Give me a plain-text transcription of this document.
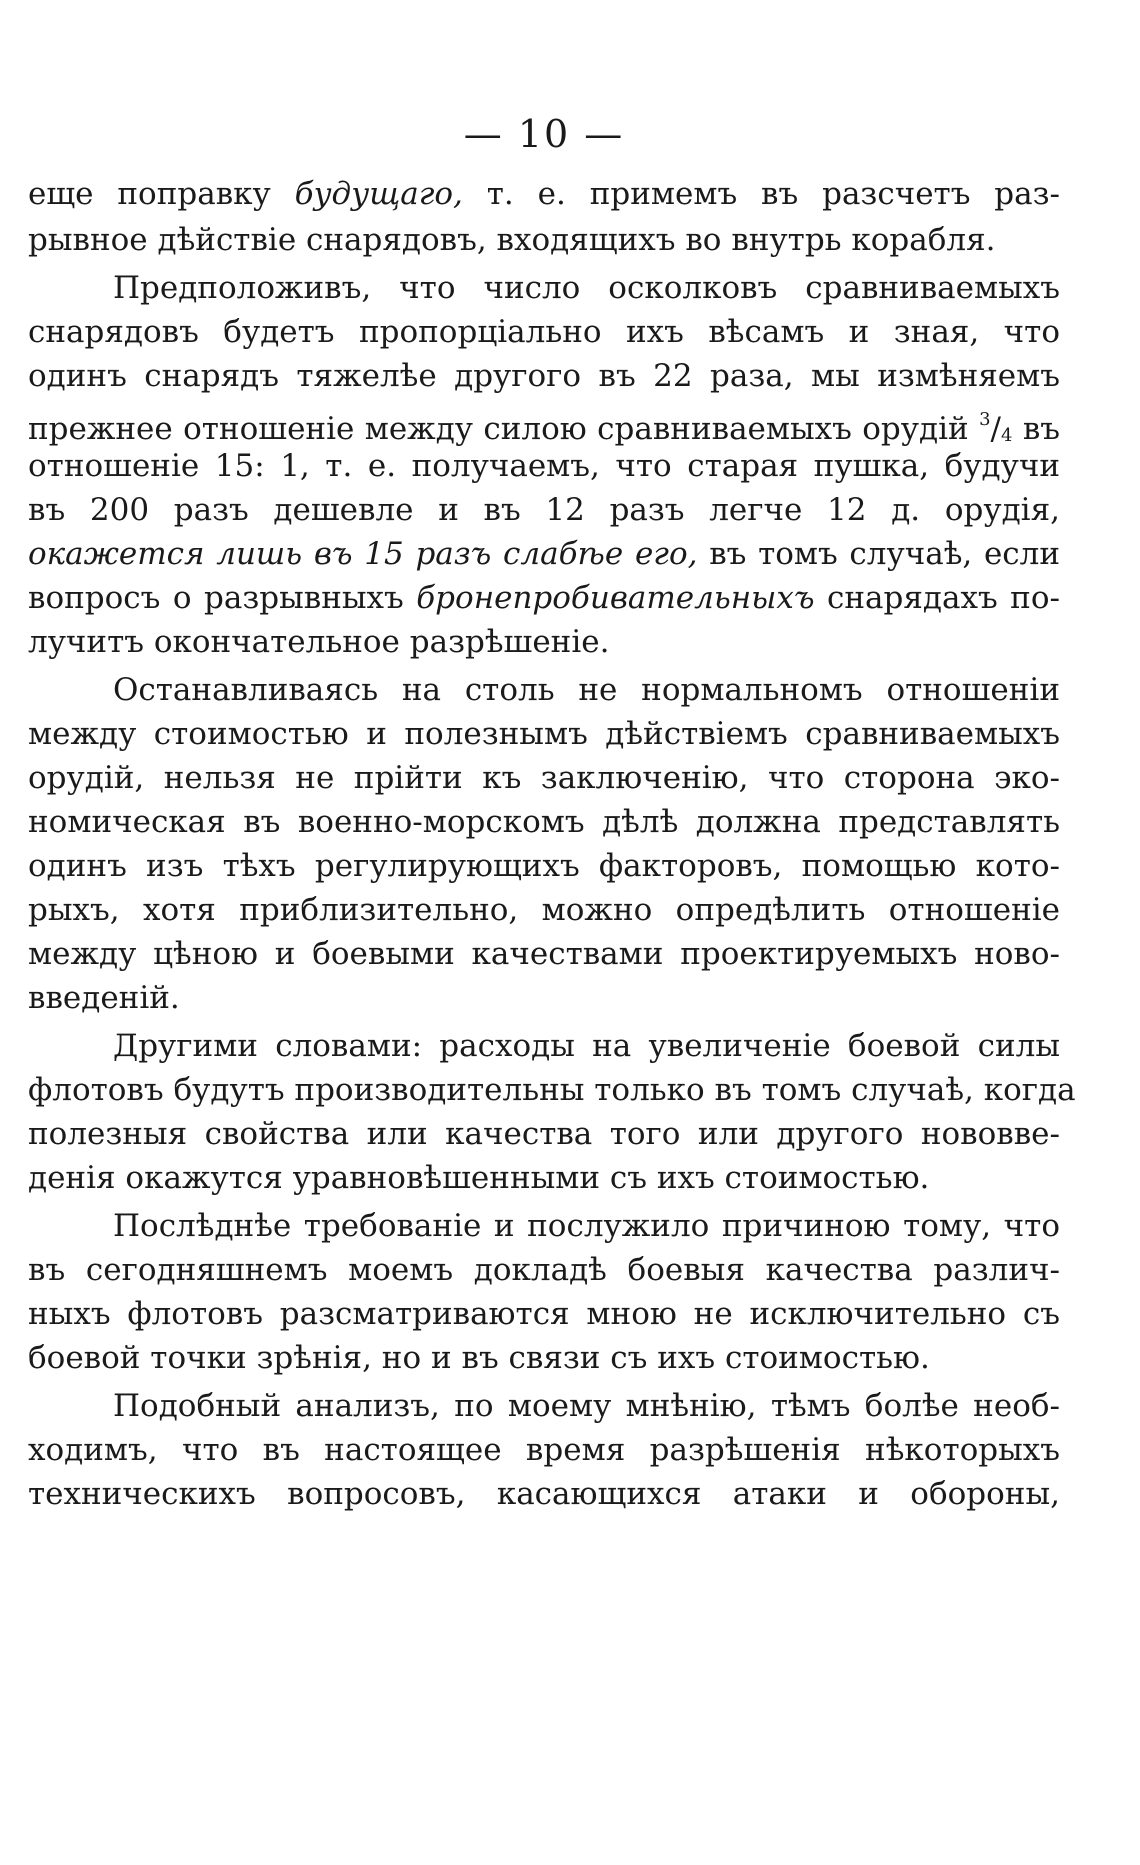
— 10 —
еще поправку будущаго, т. е. примемъ въ разсчетъ раз-
рывное дѣйствіе снарядовъ, входящихъ во внутрь корабля.
Предположивъ, что число осколковъ сравниваемыхъ
снарядовъ будетъ пропорціально ихъ вѣсамъ и зная, что
одинъ снарядъ тяжелѣе другого въ 22 раза, мы измѣняемъ
прежнее отношеніе между силою сравниваемыхъ орудій $^3/_4$ въ
отношеніе 15: 1, т. е. получаемъ, что старая пушка, будучи
въ 200 разъ дешевле и въ 12 разъ легче 12 д. орудія,
окажется лишь въ 15 разъ слабѣе его, въ томъ случаѣ, если
вопросъ о разрывныхъ бронепробивательныхъ снарядахъ по-
лучитъ окончательное разрѣшеніе.
Останавливаясь на столь не нормальномъ отношеніи
между стоимостью и полезнымъ дѣйствіемъ сравниваемыхъ
орудій, нельзя не прійти къ заключенію, что сторона эко-
номическая въ военно-морскомъ дѣлѣ должна представлять
одинъ изъ тѣхъ регулирующихъ факторовъ, помощью кото-
рыхъ, хотя приблизительно, можно опредѣлить отношеніе
между цѣною и боевыми качествами проектируемыхъ ново-
введеній.
Другими словами: расходы на увеличеніе боевой силы
флотовъ будутъ производительны только въ томъ случаѣ, когда
полезныя свойства или качества того или другого нововве-
денія окажутся уравновѣшенными съ ихъ стоимостью.
Послѣднѣе требованіе и послужило причиною тому, что
въ сегодняшнемъ моемъ докладѣ боевыя качества различ-
ныхъ флотовъ разсматриваются мною не исключительно съ
боевой точки зрѣнія, но и въ связи съ ихъ стоимостью.
Подобный анализъ, по моему мнѣнію, тѣмъ болѣе необ-
ходимъ, что въ настоящее время разрѣшенія нѣкоторыхъ
техническихъ вопросовъ, касающихся атаки и обороны,
